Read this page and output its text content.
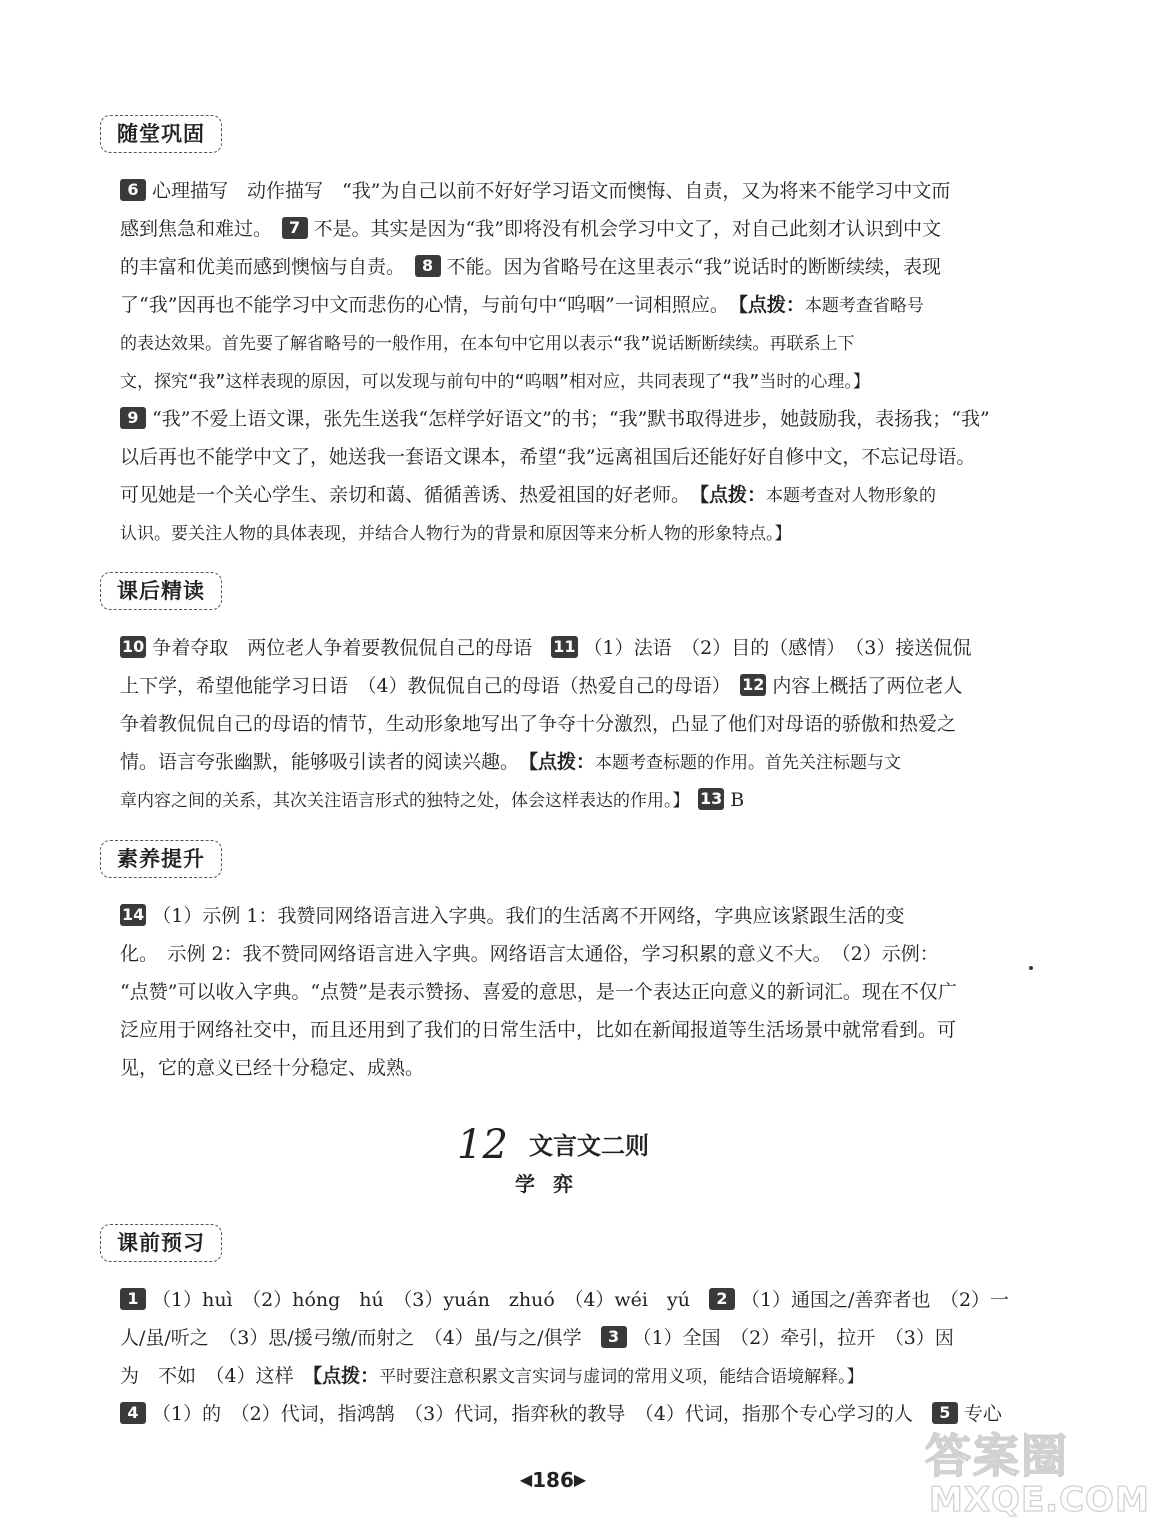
随堂巩固
6 心理描写　动作描写　“我”为自己以前不好好学习语文而懊悔、自责，又为将来不能学习中文而
感到焦急和难过。　7 不是。其实是因为“我”即将没有机会学习中文了，对自己此刻才认识到中文
的丰富和优美而感到懊恼与自责。　8 不能。因为省略号在这里表示“我”说话时的断断续续，表现
了“我”因再也不能学习中文而悲伤的心情，与前句中“呜咽”一词相照应。　【点拨：本题考查省略号
的表达效果。首先要了解省略号的一般作用，在本句中它用以表示“我”说话断断续续。再联系上下
文，探究“我”这样表现的原因，可以发现与前句中的“呜咽”相对应，共同表现了“我”当时的心理。】
9 “我”不爱上语文课，张先生送我“怎样学好语文”的书；“我”默书取得进步，她鼓励我，表扬我；“我”
以后再也不能学中文了，她送我一套语文课本，希望“我”远离祖国后还能好好自修中文，不忘记母语。
可见她是一个关心学生、亲切和蔼、循循善诱、热爱祖国的好老师。　【点拨：本题考查对人物形象的
认识。要关注人物的具体表现，并结合人物行为的背景和原因等来分析人物的形象特点。】
课后精读
10 争着夺取　两位老人争着要教侃侃自己的母语　11 （1）法语　（2）目的（感情）　（3）接送侃侃
上下学，希望他能学习日语　（4）教侃侃自己的母语（热爱自己的母语）　12 内容上概括了两位老人
争着教侃侃自己的母语的情节，生动形象地写出了争夺十分激烈，凸显了他们对母语的骄傲和热爱之
情。语言夸张幽默，能够吸引读者的阅读兴趣。　【点拨：本题考查标题的作用。首先关注标题与文
章内容之间的关系，其次关注语言形式的独特之处，体会这样表达的作用。】　13 B
素养提升
14 （1）示例 1：我赞同网络语言进入字典。我们的生活离不开网络，字典应该紧跟生活的变
化。　示例 2：我不赞同网络语言进入字典。网络语言太通俗，学习积累的意义不大。　（2）示例：
“点赞”可以收入字典。“点赞”是表示赞扬、喜爱的意思，是一个表达正向意义的新词汇。现在不仅广
泛应用于网络社交中，而且还用到了我们的日常生活中，比如在新闻报道等生活场景中就常看到。可
见，它的意义已经十分稳定、成熟。
12 文言文二则
学弈
课前预习
1 （1）huì　（2）hóng　hú　（3）yuán　zhuó　（4）wéi　yú　2 （1）通国之/善弈者也　（2）一
人/虽/听之　（3）思/援弓缴/而射之　（4）虽/与之/俱学　3 （1）全国　（2）牵引，拉开　（3）因
为　不如　（4）这样　【点拨：平时要注意积累文言实词与虚词的常用义项，能结合语境解释。】
4 （1）的　（2）代词，指鸿鹄　（3）代词，指弈秋的教导　（4）代词，指那个专心学习的人　5 专心
◀186▶	答案圈
MXQE.COM
